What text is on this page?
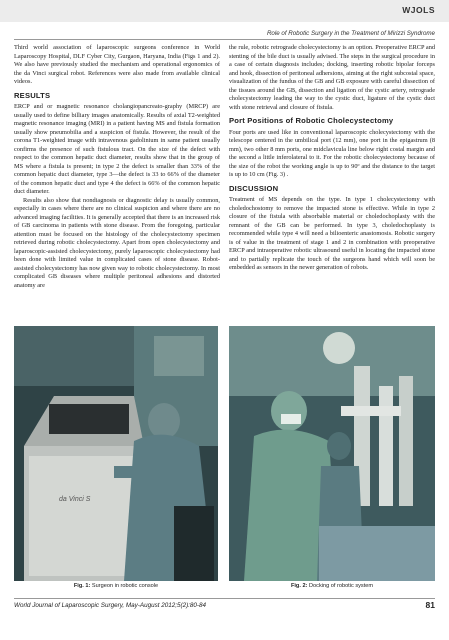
WJOLS
Role of Robotic Surgery in the Treatment of Mirizzi Syndrome

Third world association of laparoscopic surgeons conference in World Laparoscopy Hospital, DLF Cyber City, Gurgaon, Haryana, India (Figs 1 and 2). We also have previously studied the mechanism and operational ergonomics of the da Vinci surgical robot. References were also made from available clinical videos.

RESULTS

ERCP and or magnetic resonance cholangiopancreato-graphy (MRCP) are usually used to define billiary images anatomically. Results of axial T2-weighted magnetic resonance imaging (MRI) in a patient having MS and fistula formation usually show pneumobilia and a suspicion of fistula. However, the result of the corona T1-weighted image with intravenous gadolinium in same patient usually confirms the presence of such fistulous tract. On the size of the defect with respect to the common hepatic duct diameter, results show that in the group of MS where a fistula is present; in type 2 the defect is smaller than 33% of the common hepatic duct diameter, type 3—the defect is 33 to 66% of the diameter of the common hepatic duct and type 4 the defect is 66% of the common hepatic duct diameter.

Results also show that nondiagnosis or diagnostic delay is usually common, especially in cases where there are no clinical suspicion and where there are no advanced imaging facilities. It is generally accepted that there is an increased risk of GB carcinoma in patients with stone disease. From the foregoing, particular attention must be focused on the histology of the cholecystectomy specimen retrieved during robotic cholecystectomy. Apart from open cholecystectomy and laparoscopic-assisted cholecystectomy, purely laparoscopic cholecystectomy had been done with limited value in complicated cases of stone disease. Robot-assisted cholecystectomy has now given way to robotic cholecystectomy. In most complicated GB diseases where multiple peritoneal adhesions and distorted anatomy are

the rule, robotic retrograde cholecystectomy is an option. Preoperative ERCP and stenting of the bile duct is usually advised. The steps in the surgical procedure in a case of certain diagnosis includes; docking, inserting robotic bipolar forceps and hook, dissection of peritoneal adhersions, aiming at the right subcostal space, visualization of the fundus of the GB and GB exposure with careful dissection of the tissues around the GB, dissection and ligation of the cystic artery, retrograde cholecystectomy leading the way to the cystic duct, ligature of the cystic duct with stone retrieval and closure of fistula.

Port Positions of Robotic Cholecystectomy

Four ports are used like in conventional laparoscopic cholecystectomy with the telescope centered in the umbilical port (12 mm), one port in the epigastrum (8 mm), two other 8 mm ports, one midclavicula line below right costal margin and the second a little inferolateral to it. For the robotic cholecystectomy because of the size of the robot the working angle is up to 90º and the distance to the target is up to 10 cm (Fig. 3) .

DISCUSSION

Treatment of MS depends on the type. In type 1 cholecystectomy with choledochostomy to remove the impacted stone is effective. While in type 2 closure of the fistula with absorbable material or choledochoplasty with the remnant of the GB can be performed. In type 3, choledochoplasty is recommended while type 4 will need a bilioenteric anastomosis. Robotic surgery is of value in the treatment of stage 1 and 2 in combination with preoperative ERCP and intraoperative robotic ultrasound useful in locating the impacted stone and to partially replicate the touch of the surgeons hand which will soon be embedded as sensors in the newer generation of robots.

da Vinci S
Fig. 1: Surgeon in robotic console	Fig. 2: Docking of robotic system
World Journal of Laparoscopic Surgery, May-August 2012;5(2):80-84	81
